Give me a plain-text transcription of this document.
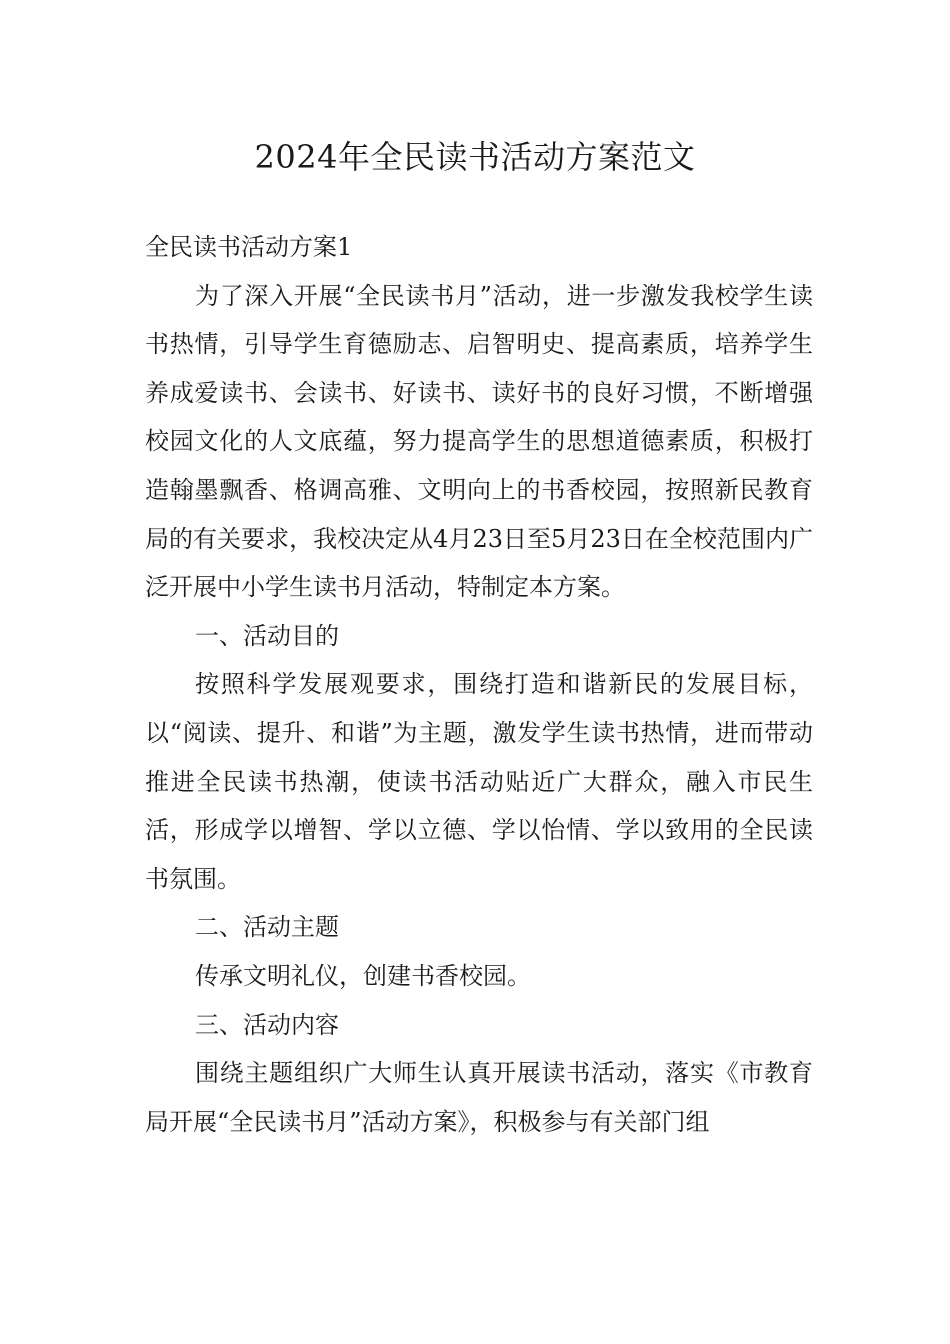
2024年全民读书活动方案范文

全民读书活动方案1

为了深入开展“全民读书月”活动，进一步激发我校学生读书热情，引导学生育德励志、启智明史、提高素质，培养学生养成爱读书、会读书、好读书、读好书的良好习惯，不断增强校园文化的人文底蕴，努力提高学生的思想道德素质，积极打造翰墨飘香、格调高雅、文明向上的书香校园，按照新民教育局的有关要求，我校决定从4月23日至5月23日在全校范围内广泛开展中小学生读书月活动，特制定本方案。

一、活动目的

按照科学发展观要求，围绕打造和谐新民的发展目标，以“阅读、提升、和谐”为主题，激发学生读书热情，进而带动推进全民读书热潮，使读书活动贴近广大群众，融入市民生活，形成学以增智、学以立德、学以怡情、学以致用的全民读书氛围。

二、活动主题

传承文明礼仪，创建书香校园。

三、活动内容

围绕主题组织广大师生认真开展读书活动，落实《市教育局开展“全民读书月”活动方案》，积极参与有关部门组
